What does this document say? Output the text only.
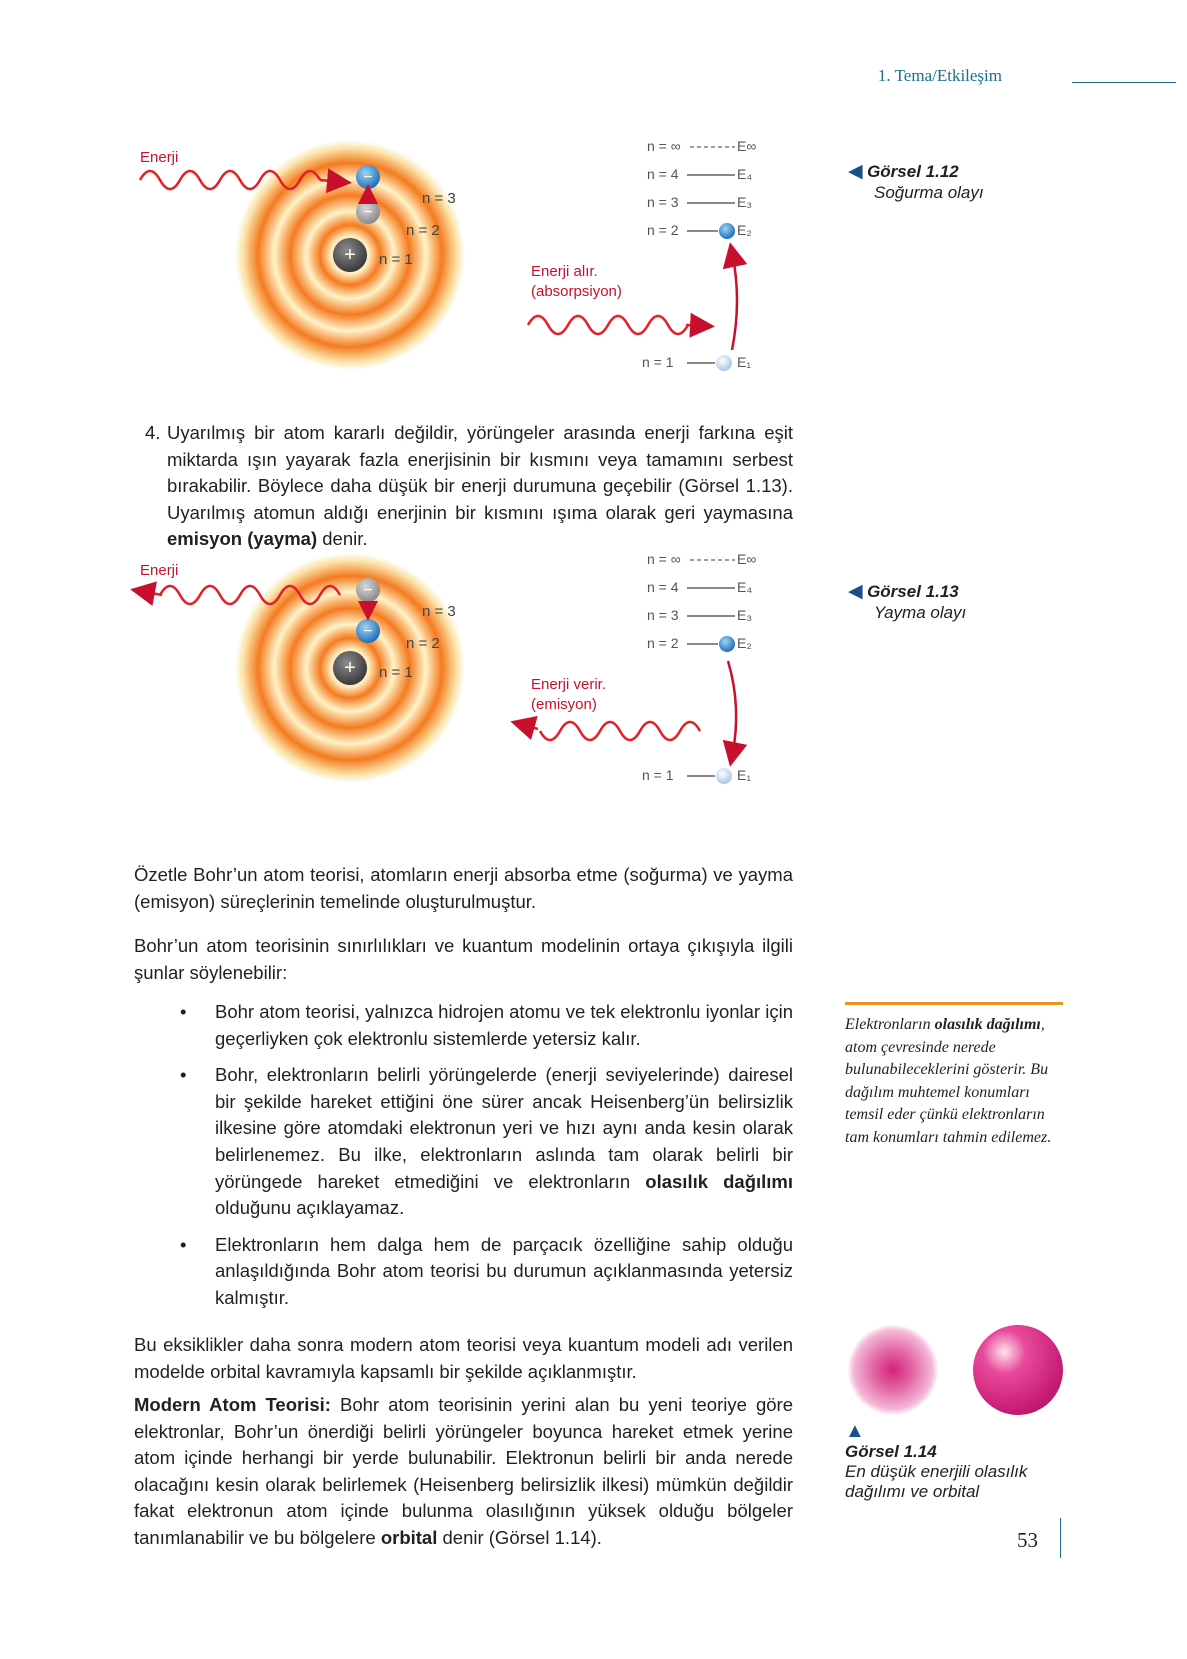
1. Tema/Etkileşim
+
−
−
Enerji
n = 1
n = 2
n = 3
n = ∞	E∞
n = 4	E₄
n = 3	E₃
n = 2	E₂
n = 1	E₁
Enerji alır.
(absorpsiyon)
◀ Görsel 1.12
Soğurma olayı
4. Uyarılmış bir atom kararlı değildir, yörüngeler arasında enerji farkına eşit miktarda ışın yayarak fazla enerjisinin bir kısmını veya tamamını serbest bırakabilir. Böylece daha düşük bir enerji durumuna geçebilir (Görsel 1.13). Uyarılmış atomun aldığı enerjinin bir kısmını ışıma olarak geri yaymasına emisyon (yayma) denir.
+
−
−
Enerji
n = 1
n = 2
n = 3
n = ∞	E∞
n = 4	E₄
n = 3	E₃
n = 2	E₂
n = 1	E₁
Enerji verir.
(emisyon)
◀ Görsel 1.13
Yayma olayı
Özetle Bohr’un atom teorisi, atomların enerji absorba etme (soğurma) ve yayma (emisyon) süreçlerinin temelinde oluşturulmuştur.
Bohr’un atom teorisinin sınırlılıkları ve kuantum modelinin ortaya çıkışıyla ilgili şunlar söylenebilir:
• Bohr atom teorisi, yalnızca hidrojen atomu ve tek elektronlu iyonlar için geçerliyken çok elektronlu sistemlerde yetersiz kalır.
• Bohr, elektronların belirli yörüngelerde (enerji seviyelerinde) dairesel bir şekilde hareket ettiğini öne sürer ancak Heisenberg’ün belirsizlik ilkesine göre atomdaki elektronun yeri ve hızı aynı anda kesin olarak belirlenemez. Bu ilke, elektronların aslında tam olarak belirli bir yörüngede hareket etmediğini ve elektronların olasılık dağılımı olduğunu açıklayamaz.
• Elektronların hem dalga hem de parçacık özelliğine sahip olduğu anlaşıldığında Bohr atom teorisi bu durumun açıklanmasında yetersiz kalmıştır.
Bu eksiklikler daha sonra modern atom teorisi veya kuantum modeli adı verilen modelde orbital kavramıyla kapsamlı bir şekilde açıklanmıştır.
Modern Atom Teorisi: Bohr atom teorisinin yerini alan bu yeni teoriye göre elektronlar, Bohr’un önerdiği belirli yörüngeler boyunca hareket etmek yerine atom içinde herhangi bir yerde bulunabilir. Elektronun belirli bir anda nerede olacağını kesin olarak belirlemek (Heisenberg belirsizlik ilkesi) mümkün değildir fakat elektronun atom içinde bulunma olasılığının yüksek olduğu bölgeler tanımlanabilir ve bu bölgelere orbital denir (Görsel 1.14).
Elektronların olasılık dağılımı, atom çevresinde nerede bulunabileceklerini gösterir. Bu dağılım muhtemel konumları temsil eder çünkü elektronların tam konumları tahmin edilemez.
▲
Görsel 1.14
En düşük enerjili olasılık
dağılımı ve orbital
53
